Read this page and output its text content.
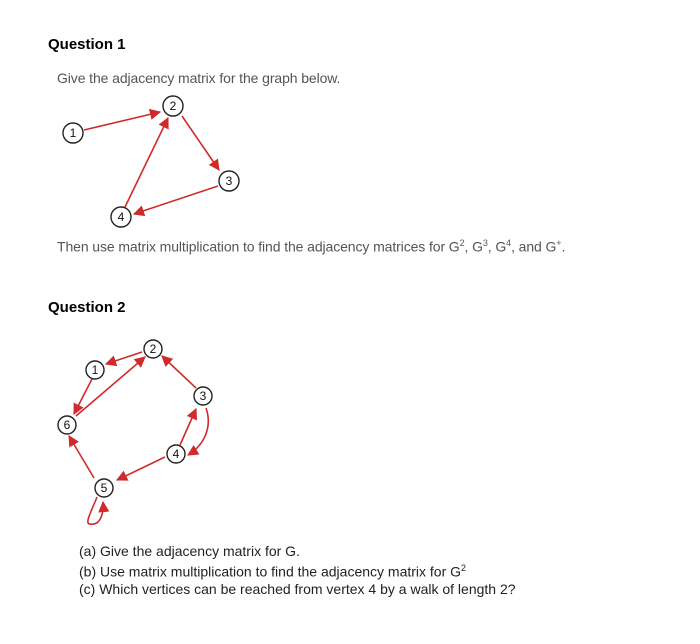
Question 1
Give the adjacency matrix for the graph below.
1
2
3
4
1
2
3
4
5
6
Then use matrix multiplication to find the adjacency matrices for $G^2$, $G^3$, $G^4$, and G+.
Question 2
(a) Give the adjacency matrix for G.
(b) Use matrix multiplication to find the adjacency matrix for $G^2$
(c) Which vertices can be reached from vertex 4 by a walk of length 2?
